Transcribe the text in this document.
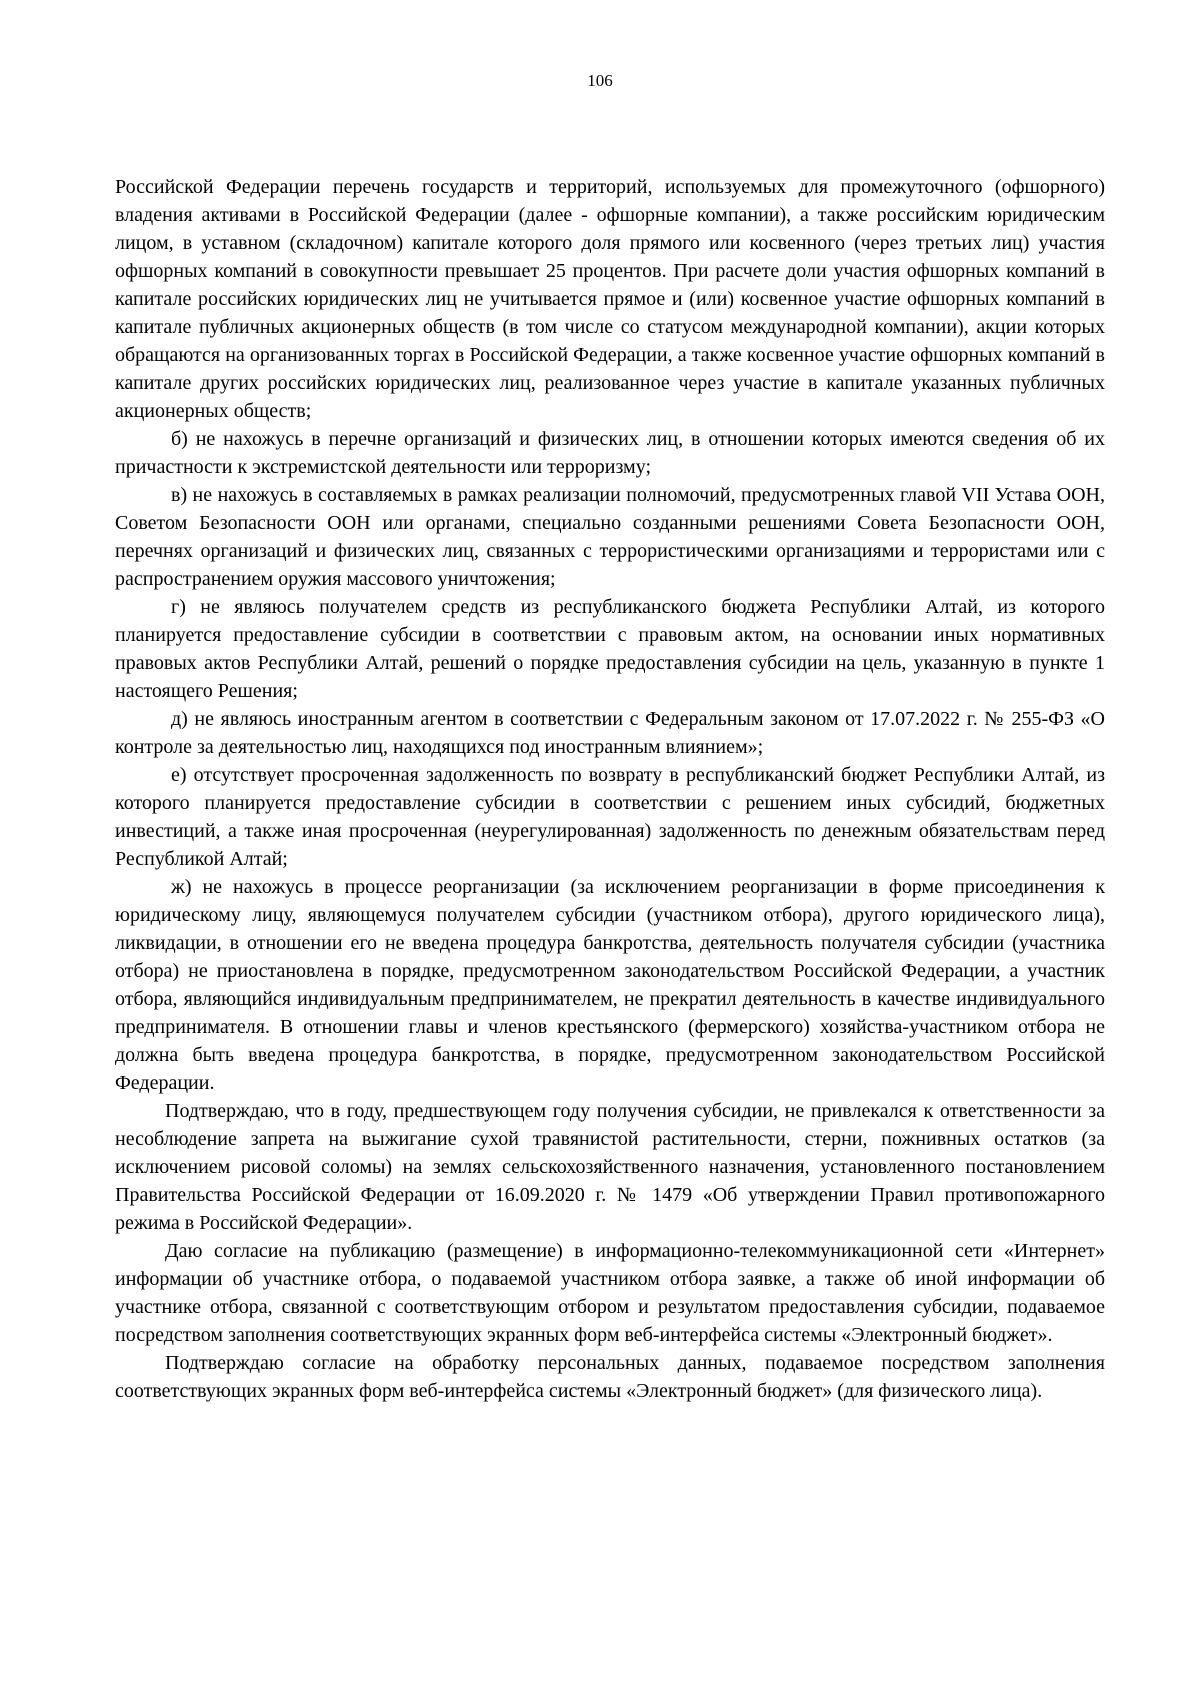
106

Российской Федерации перечень государств и территорий, используемых для промежуточного (офшорного) владения активами в Российской Федерации (далее - офшорные компании), а также российским юридическим лицом, в уставном (складочном) капитале которого доля прямого или косвенного (через третьих лиц) участия офшорных компаний в совокупности превышает 25 процентов. При расчете доли участия офшорных компаний в капитале российских юридических лиц не учитывается прямое и (или) косвенное участие офшорных компаний в капитале публичных акционерных обществ (в том числе со статусом международной компании), акции которых обращаются на организованных торгах в Российской Федерации, а также косвенное участие офшорных компаний в капитале других российских юридических лиц, реализованное через участие в капитале указанных публичных акционерных обществ;

б) не нахожусь в перечне организаций и физических лиц, в отношении которых имеются сведения об их причастности к экстремистской деятельности или терроризму;

в) не нахожусь в составляемых в рамках реализации полномочий, предусмотренных главой VII Устава ООН, Советом Безопасности ООН или органами, специально созданными решениями Совета Безопасности ООН, перечнях организаций и физических лиц, связанных с террористическими организациями и террористами или с распространением оружия массового уничтожения;

г) не являюсь получателем средств из республиканского бюджета Республики Алтай, из которого планируется предоставление субсидии в соответствии с правовым актом, на основании иных нормативных правовых актов Республики Алтай, решений о порядке предоставления субсидии на цель, указанную в пункте 1 настоящего Решения;

д) не являюсь иностранным агентом в соответствии с Федеральным законом от 17.07.2022 г. № 255-ФЗ «О контроле за деятельностью лиц, находящихся под иностранным влиянием»;

е) отсутствует просроченная задолженность по возврату в республиканский бюджет Республики Алтай, из которого планируется предоставление субсидии в соответствии с решением иных субсидий, бюджетных инвестиций, а также иная просроченная (неурегулированная) задолженность по денежным обязательствам перед Республикой Алтай;

ж) не нахожусь в процессе реорганизации (за исключением реорганизации в форме присоединения к юридическому лицу, являющемуся получателем субсидии (участником отбора), другого юридического лица), ликвидации, в отношении его не введена процедура банкротства, деятельность получателя субсидии (участника отбора) не приостановлена в порядке, предусмотренном законодательством Российской Федерации, а участник отбора, являющийся индивидуальным предпринимателем, не прекратил деятельность в качестве индивидуального предпринимателя. В отношении главы и членов крестьянского (фермерского) хозяйства-участником отбора не должна быть введена процедура банкротства, в порядке, предусмотренном законодательством Российской Федерации.

Подтверждаю, что в году, предшествующем году получения субсидии, не привлекался к ответственности за несоблюдение запрета на выжигание сухой травянистой растительности, стерни, пожнивных остатков (за исключением рисовой соломы) на землях сельскохозяйственного назначения, установленного постановлением Правительства Российской Федерации от 16.09.2020 г. № 1479 «Об утверждении Правил противопожарного режима в Российской Федерации».

Даю согласие на публикацию (размещение) в информационно-телекоммуникационной сети «Интернет» информации об участнике отбора, о подаваемой участником отбора заявке, а также об иной информации об участнике отбора, связанной с соответствующим отбором и результатом предоставления субсидии, подаваемое посредством заполнения соответствующих экранных форм веб-интерфейса системы «Электронный бюджет».

Подтверждаю согласие на обработку персональных данных, подаваемое посредством заполнения соответствующих экранных форм веб-интерфейса системы «Электронный бюджет» (для физического лица).
